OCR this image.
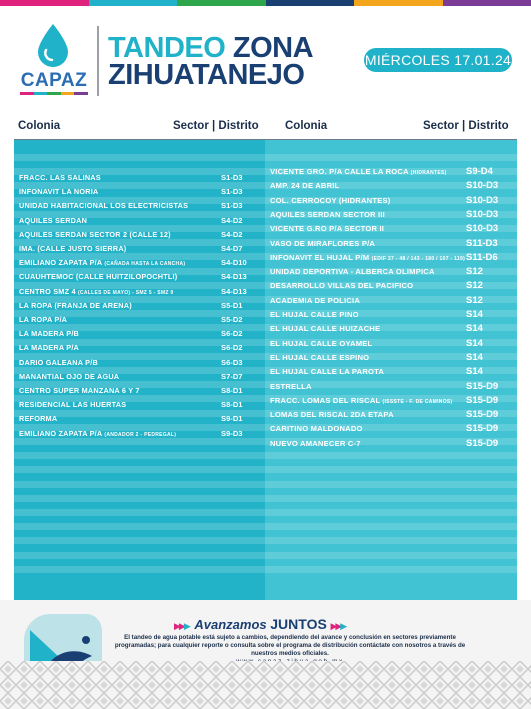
CAPAZ
TANDEO ZONA
ZIHUATANEJO	MIÉRCOLES 17.01.24
Colonia	Sector | Distrito Colonia	Sector | Distrito
FRACC. LAS SALINAS	S1-D3
INFONAVIT LA NORIA	S1-D3
UNIDAD HABITACIONAL LOS ELECTRICISTAS	S1-D3
AQUILES SERDAN	S4-D2
AQUILES SERDAN SECTOR 2 (CALLE 12)	S4-D2
IMA. (CALLE JUSTO SIERRA)	S4-D7
EMILIANO ZAPATA P/A (CAÑADA HASTA LA CANCHA)	S4-D10
CUAUHTEMOC (CALLE HUITZILOPOCHTLI)	S4-D13
CENTRO SMZ 4 (CALLES DE MAYO) - SMZ 5 - SMZ 9	S4-D13
LA ROPA (FRANJA DE ARENA)	S5-D1
LA ROPA P/A	S5-D2
LA MADERA P/B	S6-D2
LA MADERA P/A	S6-D2
DARIO GALEANA P/B	S6-D3
MANANTIAL OJO DE AGUA	S7-D7
CENTRO SUPER MANZANA 6 Y 7	S8-D1
RESIDENCIAL LAS HUERTAS	S8-D1
REFORMA	S9-D1
EMILIANO ZAPATA P/A (ANDADOR 2 - PEDREGAL)	S9-D3
VICENTE GRO. P/A CALLE LA ROCA (HIDRANTES) S9-D4
AMP. 24 DE ABRIL	S10-D3
COL. CERROCOY (HIDRANTES)	S10-D3
AQUILES SERDAN SECTOR III	S10-D3
VICENTE G.RO P/A SECTOR II	S10-D3
VASO DE MIRAFLORES P/A	S11-D3
INFONAVIT EL HUJAL P/M (EDIF 37 - 48 / 143 - 180 / 107 - 119) S11-D6
UNIDAD DEPORTIVA - ALBERCA OLIMPICA	S12
DESARROLLO VILLAS DEL PACIFICO	S12
ACADEMIA DE POLICIA	S12
EL HUJAL CALLE PINO	S14
EL HUJAL CALLE HUIZACHE	S14
EL HUJAL CALLE OYAMEL	S14
EL HUJAL CALLE ESPINO	S14
EL HUJAL CALLE LA PAROTA	S14
ESTRELLA	S15-D9
FRACC. LOMAS DEL RISCAL (ISSSTE - F. DE CAMINOS) S15-D9
LOMAS DEL RISCAL 2DA ETAPA	S15-D9
CARITINO MALDONADO	S15-D9
NUEVO AMANECER C-7	S15-D9
▶▶▶ Avanzamos JUNTOS ▶▶▶
El tandeo de agua potable está sujeto a cambios, dependiendo del avance y conclusión en sectores previamente programadas; para cualquier reporte o consulta sobre el programa de distribución contáctate con nosotros a través de nuestros medios oficiales.
